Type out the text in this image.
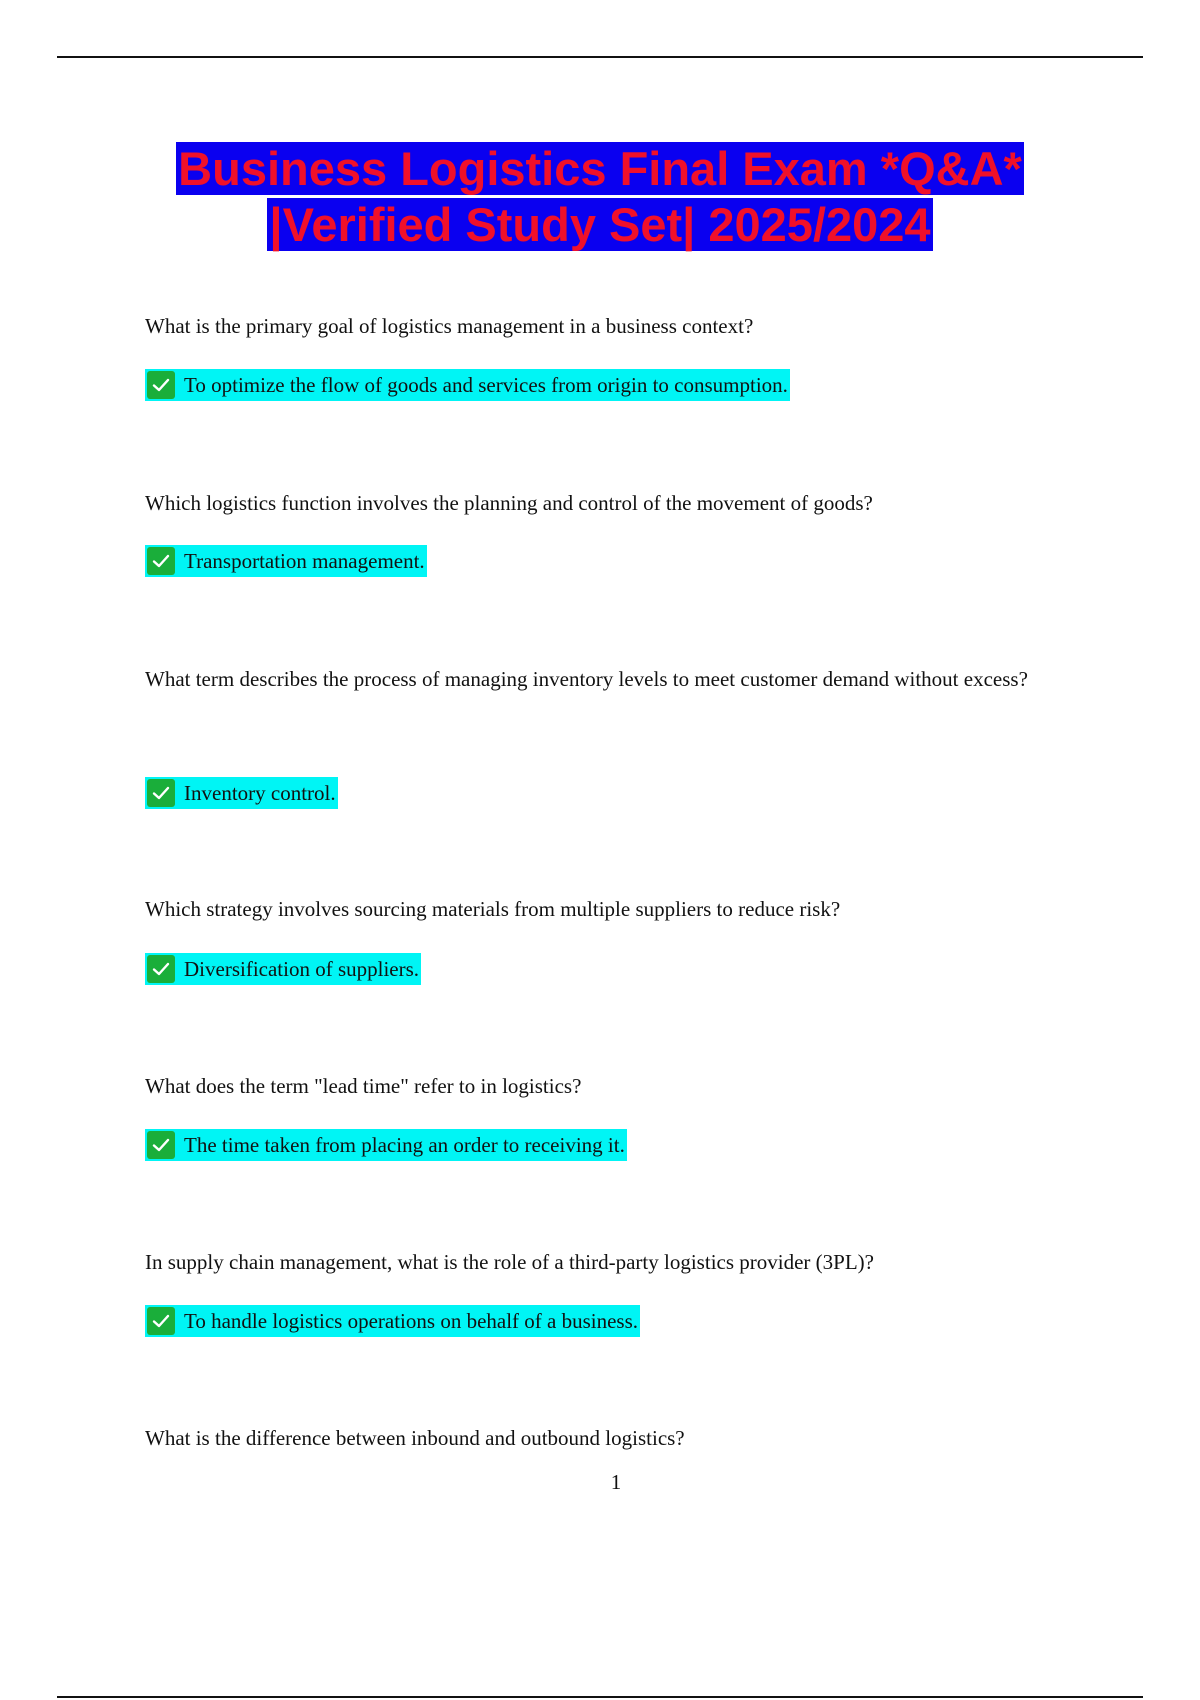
Business Logistics Final Exam *Q&A*
|Verified Study Set| 2025/2024
What is the primary goal of logistics management in a business context?
To optimize the flow of goods and services from origin to consumption.
Which logistics function involves the planning and control of the movement of goods?
Transportation management.
What term describes the process of managing inventory levels to meet customer demand without excess?
Inventory control.
Which strategy involves sourcing materials from multiple suppliers to reduce risk?
Diversification of suppliers.
What does the term "lead time" refer to in logistics?
The time taken from placing an order to receiving it.
In supply chain management, what is the role of a third-party logistics provider (3PL)?
To handle logistics operations on behalf of a business.
What is the difference between inbound and outbound logistics?
1
